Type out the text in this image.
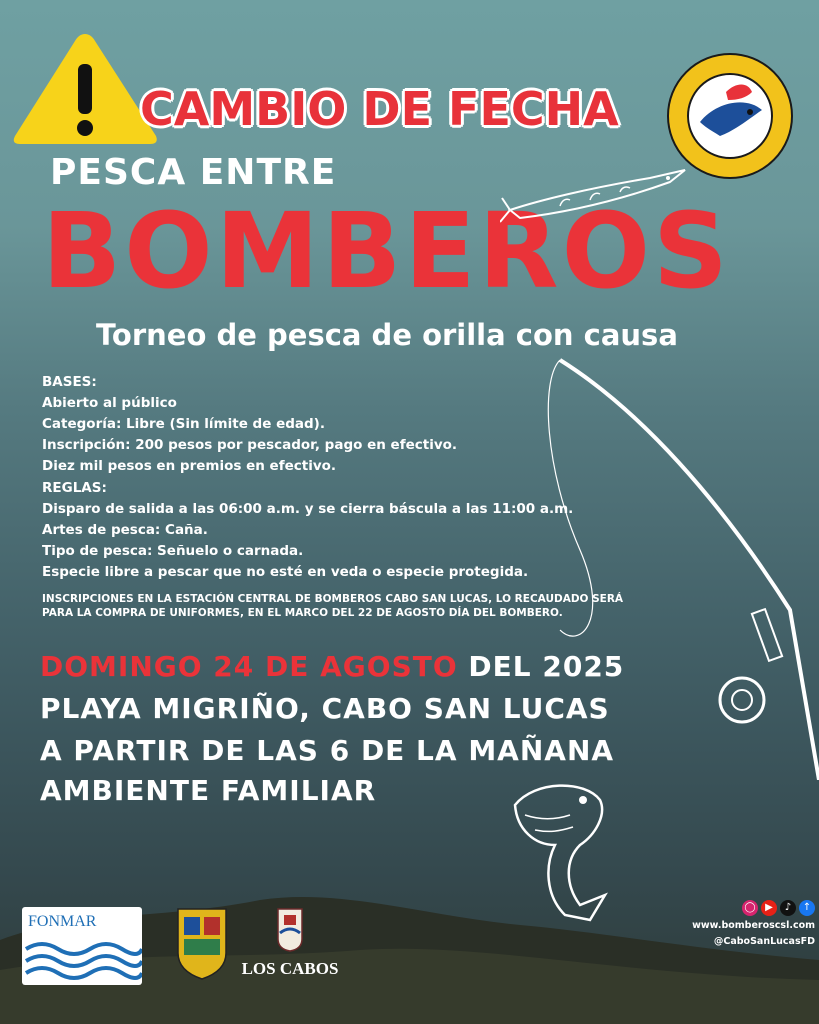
CAMBIO DE FECHA
PESCA ENTRE
BOMBEROS
Torneo de pesca de orilla con causa
BASES:
Abierto al público
Categoría: Libre (Sin límite de edad).
Inscripción: 200 pesos por pescador, pago en efectivo.
Diez mil pesos en premios en efectivo.
REGLAS:
Disparo de salida a las 06:00 a.m. y se cierra báscula a las 11:00 a.m.
Artes de pesca: Caña.
Tipo de pesca: Señuelo o carnada.
Especie libre a pescar que no esté en veda o especie protegida.
INSCRIPCIONES EN LA ESTACIÓN CENTRAL DE BOMBEROS CABO SAN LUCAS, LO RECAUDADO SERÁ PARA LA COMPRA DE UNIFORMES, EN EL MARCO DEL 22 DE AGOSTO DÍA DEL BOMBERO.
DOMINGO 24 DE AGOSTO DEL 2025
PLAYA MIGRIÑO, CABO SAN LUCAS
A PARTIR DE LAS 6 DE LA MAÑANA
AMBIENTE FAMILIAR
FONMAR
LOS CABOS
◯ ▶	♪	↑
www.bomberoscsl.com
@CaboSanLucasFD
